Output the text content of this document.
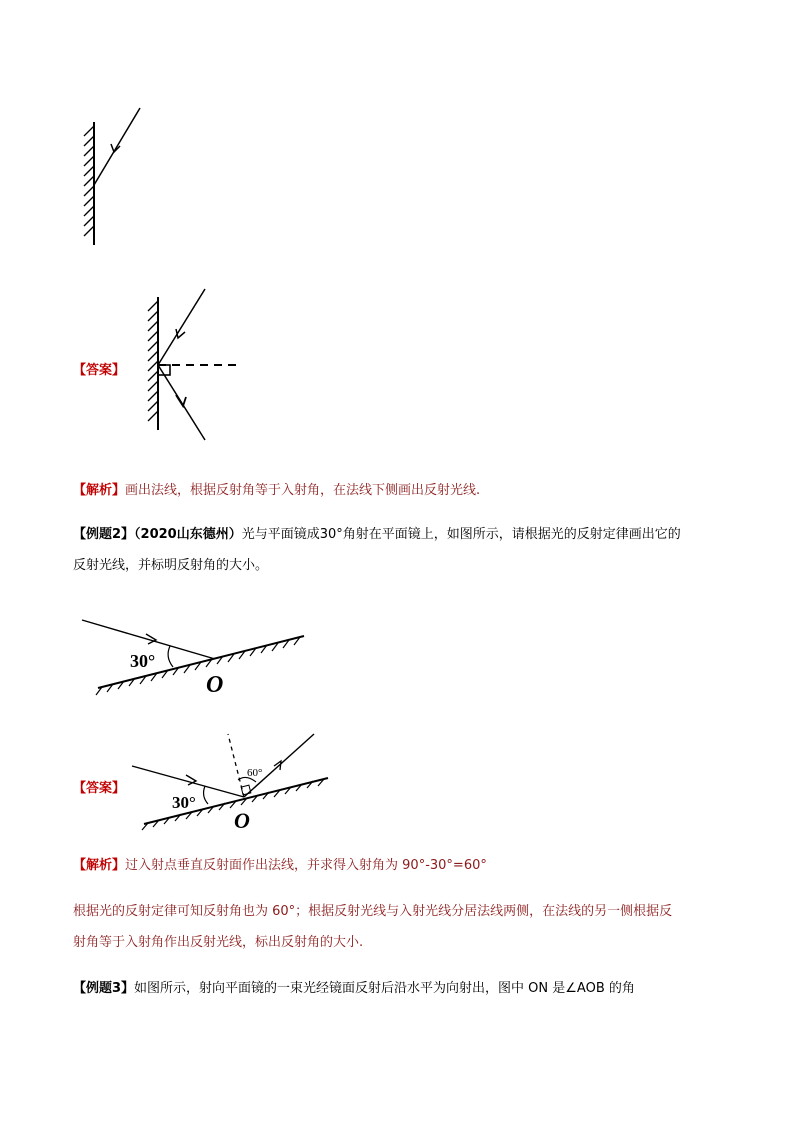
【答案】
【解析】画出法线，根据反射角等于入射角，在法线下侧画出反射光线.
【例题2】（2020山东德州）光与平面镜成30°角射在平面镜上，如图所示，请根据光的反射定律画出它的
反射光线，并标明反射角的大小。
30°
O
【答案】
30°
60°
O
【解析】过入射点垂直反射面作出法线，并求得入射角为 90°-30°=60°
根据光的反射定律可知反射角也为 60°；根据反射光线与入射光线分居法线两侧，在法线的另一侧根据反
射角等于入射角作出反射光线，标出反射角的大小.
【例题3】如图所示，射向平面镜的一束光经镜面反射后沿水平为向射出，图中 ON 是∠AOB 的角
